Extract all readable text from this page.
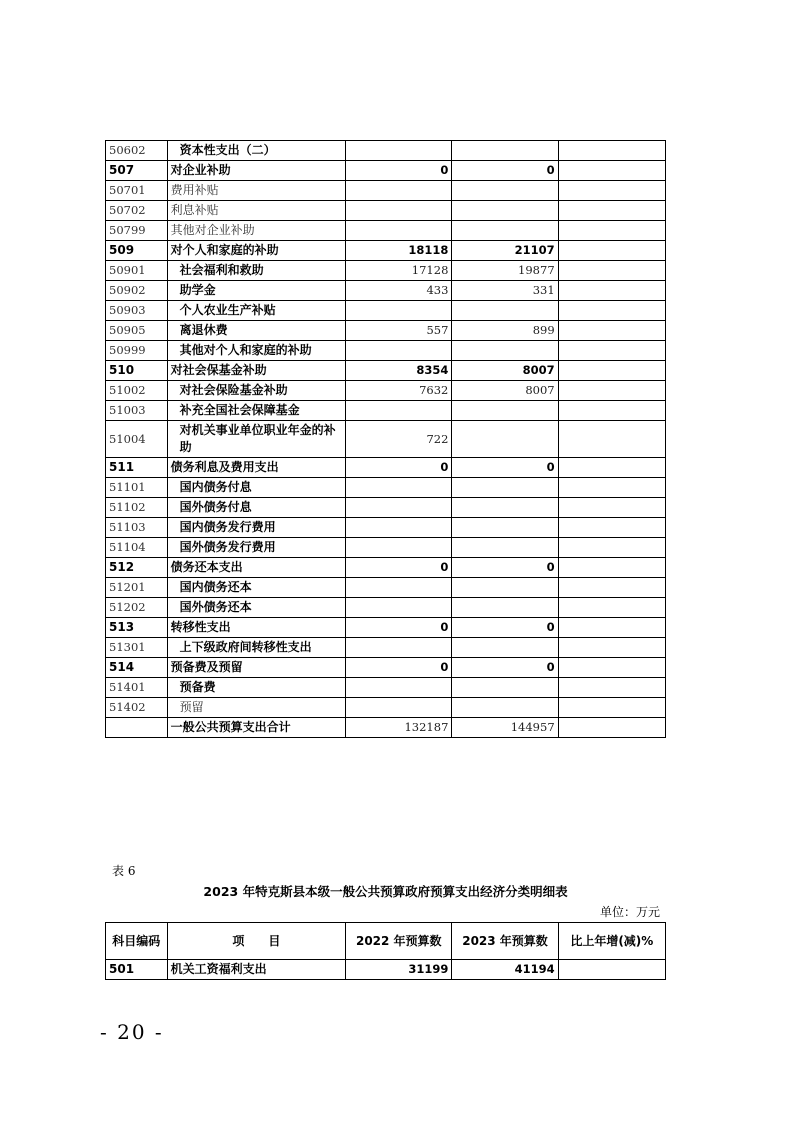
50602	资本性支出（二）			
507	对企业补助	0	0	
50701	费用补贴			
50702	利息补贴			
50799	其他对企业补助			
509	对个人和家庭的补助	18118	21107	
50901	社会福利和救助	17128	19877	
50902	助学金	433	331	
50903	个人农业生产补贴			
50905	离退休费	557	899	
50999	其他对个人和家庭的补助			
510	对社会保基金补助	8354	8007	
51002	对社会保险基金补助	7632	8007	
51003	补充全国社会保障基金			
51004	对机关事业单位职业年金的补助	722		
511	债务利息及费用支出	0	0	
51101	国内债务付息			
51102	国外债务付息			
51103	国内债务发行费用			
51104	国外债务发行费用			
512	债务还本支出	0	0	
51201	国内债务还本			
51202	国外债务还本			
513	转移性支出	0	0	
51301	上下级政府间转移性支出			
514	预备费及预留	0	0	
51401	预备费			
51402	预留			
	一般公共预算支出合计	132187	144957	
表 6
2023 年特克斯县本级一般公共预算政府预算支出经济分类明细表
单位：万元
科目编码	项　　目	2022 年预算数	2023 年预算数	比上年增(减)%
501	机关工资福利支出	31199	41194	
- 20 -
